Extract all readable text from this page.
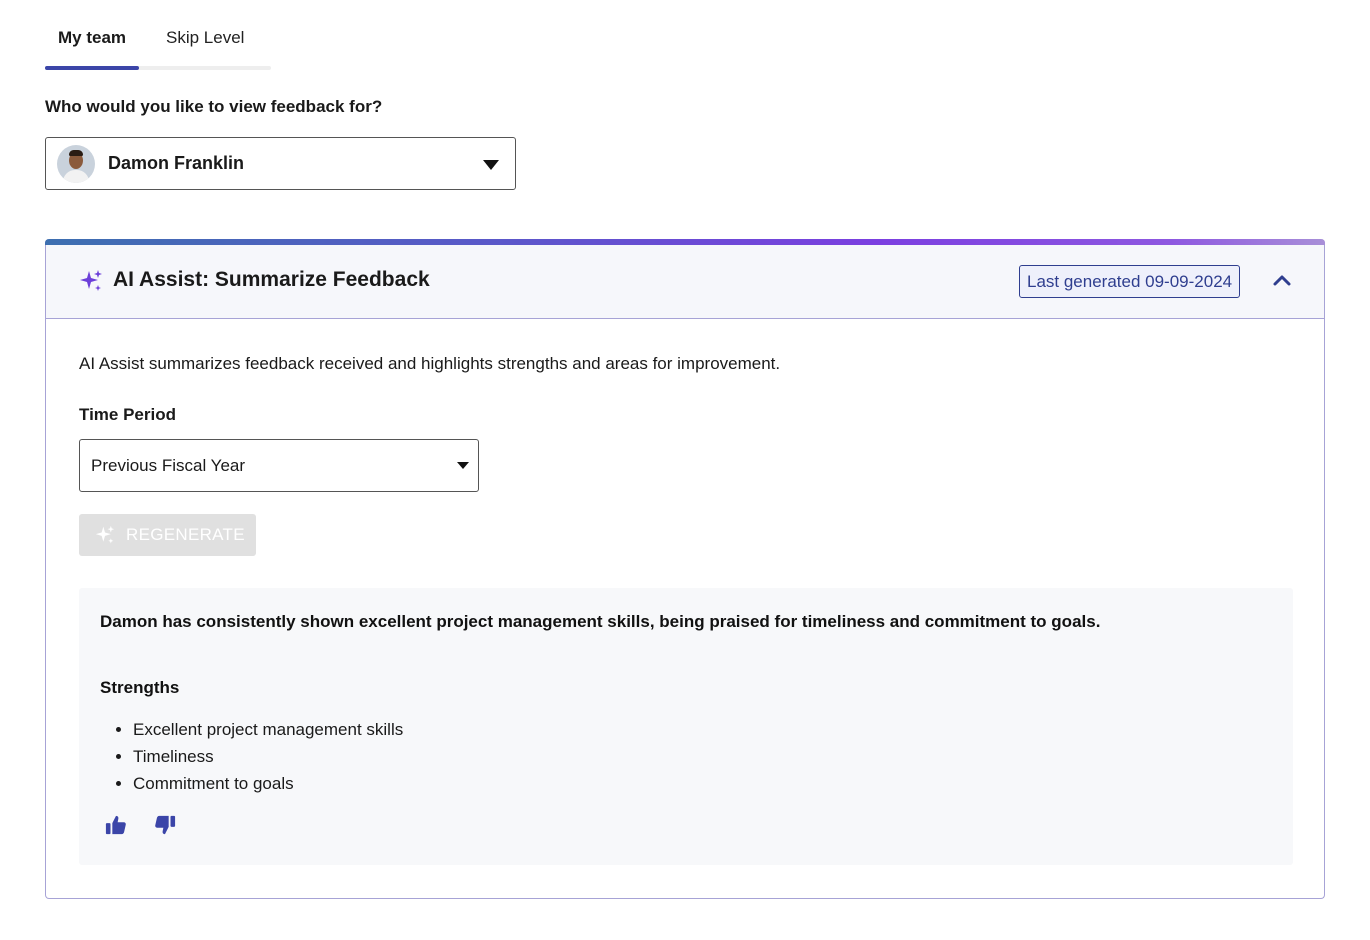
My team	Skip Level
Who would you like to view feedback for?
Damon Franklin
AI Assist: Summarize Feedback	Last generated 09-09-2024
AI Assist summarizes feedback received and highlights strengths and areas for improvement.
Time Period
Previous Fiscal Year
REGENERATE
Damon has consistently shown excellent project management skills, being praised for timeliness and commitment to goals.
Strengths
• Excellent project management skills
• Timeliness
• Commitment to goals
